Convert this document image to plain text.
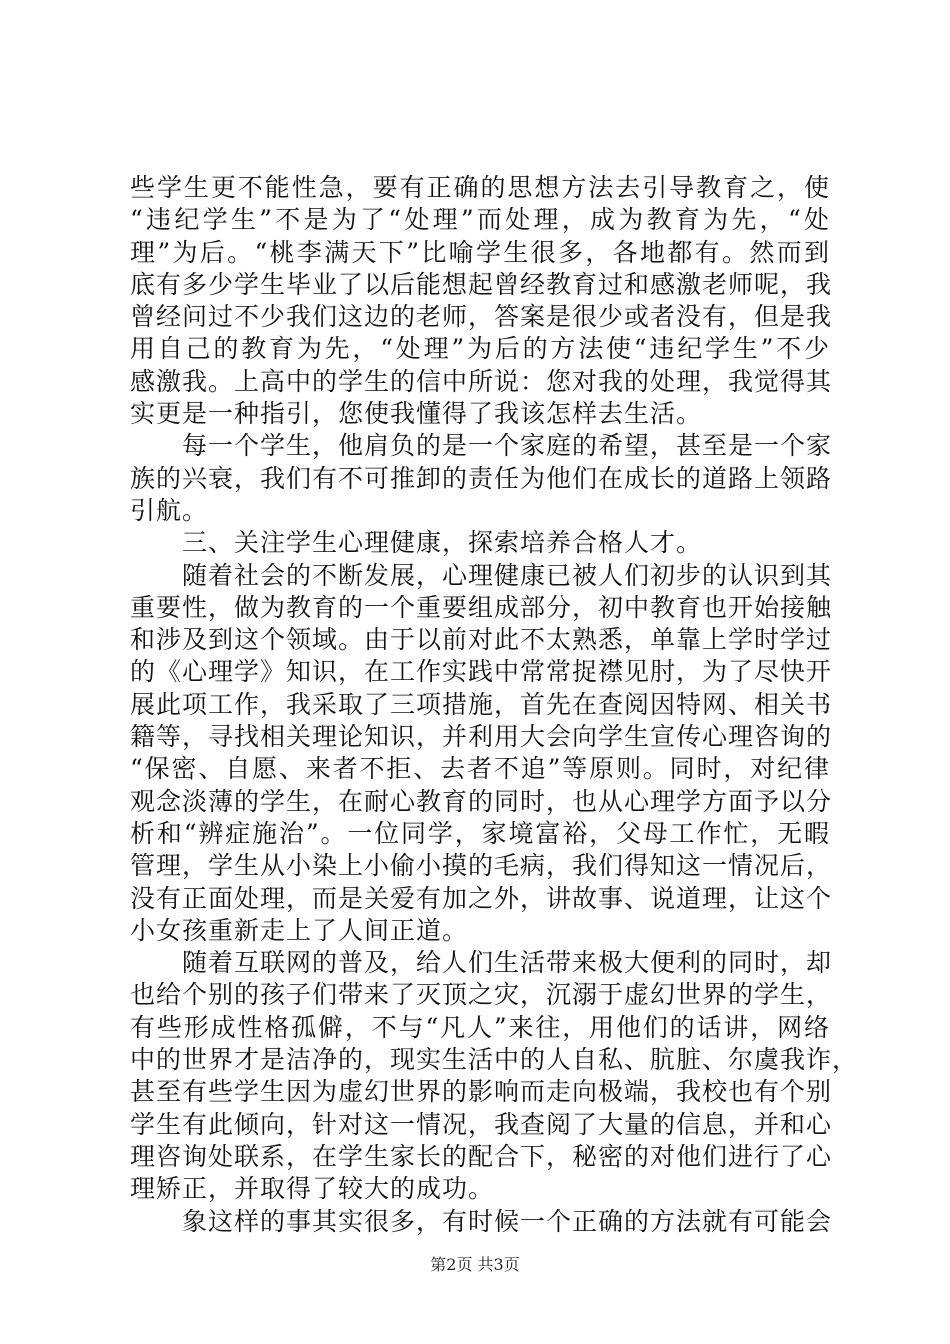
些学生更不能性急，要有正确的思想方法去引导教育之，使
“违纪学生”不是为了“处理”而处理，成为教育为先，“处
理”为后。“桃李满天下”比喻学生很多，各地都有。然而到
底有多少学生毕业了以后能想起曾经教育过和感激老师呢，我
曾经问过不少我们这边的老师，答案是很少或者没有，但是我
用自己的教育为先，“处理”为后的方法使“违纪学生”不少
感激我。上高中的学生的信中所说：您对我的处理，我觉得其
实更是一种指引，您使我懂得了我该怎样去生活。
　　每一个学生，他肩负的是一个家庭的希望，甚至是一个家
族的兴衰，我们有不可推卸的责任为他们在成长的道路上领路
引航。
　　三、关注学生心理健康，探索培养合格人才。
　　随着社会的不断发展，心理健康已被人们初步的认识到其
重要性，做为教育的一个重要组成部分，初中教育也开始接触
和涉及到这个领域。由于以前对此不太熟悉，单靠上学时学过
的《心理学》知识，在工作实践中常常捉襟见肘，为了尽快开
展此项工作，我采取了三项措施，首先在查阅因特网、相关书
籍等，寻找相关理论知识，并利用大会向学生宣传心理咨询的
“保密、自愿、来者不拒、去者不追”等原则。同时，对纪律
观念淡薄的学生，在耐心教育的同时，也从心理学方面予以分
析和“辨症施治”。一位同学，家境富裕，父母工作忙，无暇
管理，学生从小染上小偷小摸的毛病，我们得知这一情况后，
没有正面处理，而是关爱有加之外，讲故事、说道理，让这个
小女孩重新走上了人间正道。
　　随着互联网的普及，给人们生活带来极大便利的同时，却
也给个别的孩子们带来了灭顶之灾，沉溺于虚幻世界的学生，
有些形成性格孤僻，不与“凡人”来往，用他们的话讲，网络
中的世界才是洁净的，现实生活中的人自私、肮脏、尔虞我诈，
甚至有些学生因为虚幻世界的影响而走向极端，我校也有个别
学生有此倾向，针对这一情况，我查阅了大量的信息，并和心
理咨询处联系，在学生家长的配合下，秘密的对他们进行了心
理矫正，并取得了较大的成功。
　　象这样的事其实很多，有时候一个正确的方法就有可能会
第2页 共3页
